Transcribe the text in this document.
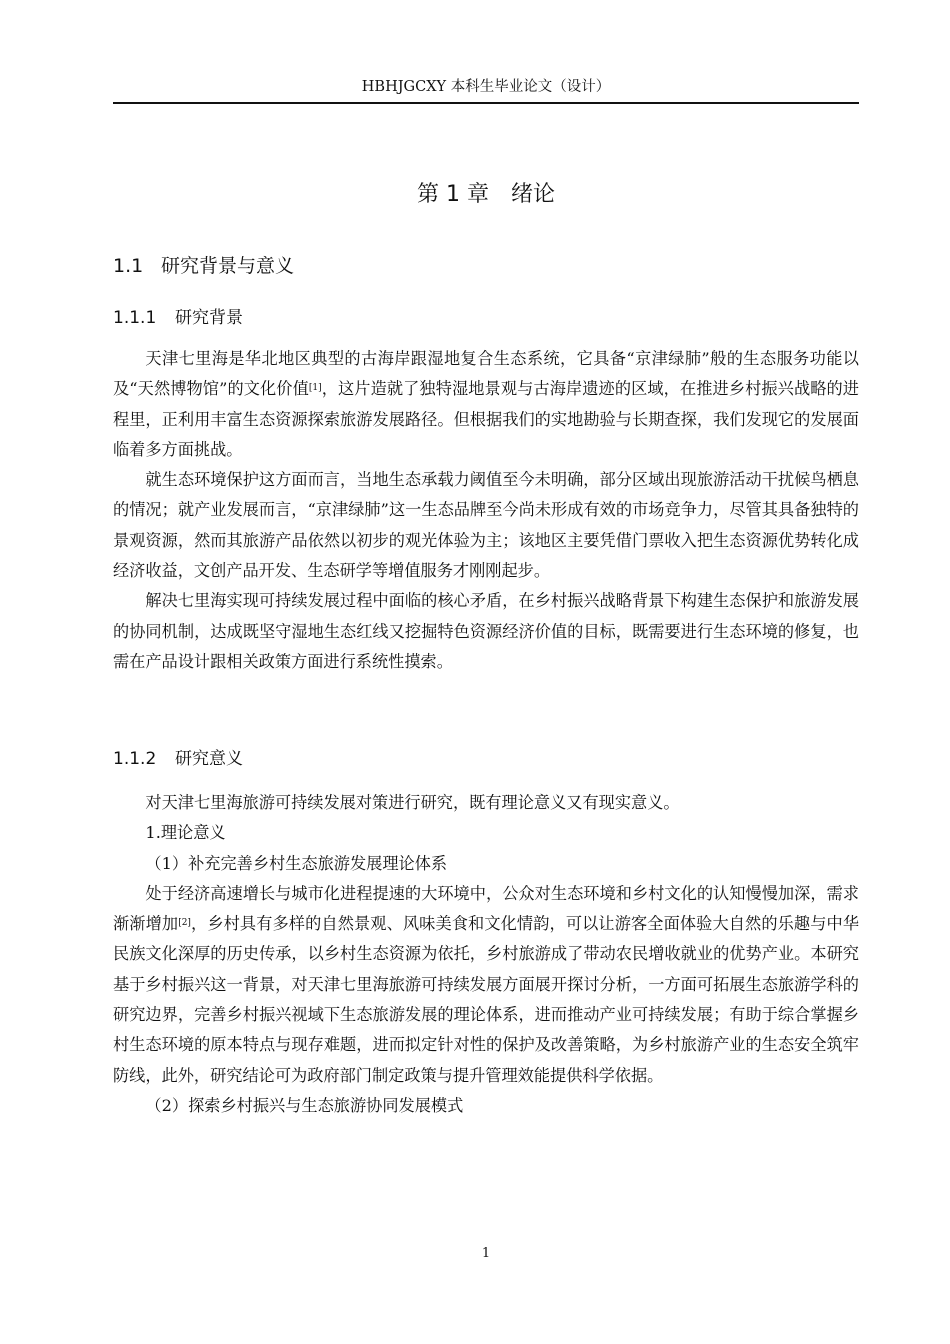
HBHJGCXY 本科生毕业论文（设计）
第 1 章 绪论
1.1 研究背景与意义
1.1.1 研究背景

天津七里海是华北地区典型的古海岸跟湿地复合生态系统，它具备“京津绿肺”般的生态服务功能以及“天然博物馆”的文化价值[1]，这片造就了独特湿地景观与古海岸遗迹的区域，在推进乡村振兴战略的进程里，正利用丰富生态资源探索旅游发展路径。但根据我们的实地勘验与长期查探，我们发现它的发展面临着多方面挑战。

就生态环境保护这方面而言，当地生态承载力阈值至今未明确，部分区域出现旅游活动干扰候鸟栖息的情况；就产业发展而言，“京津绿肺”这一生态品牌至今尚未形成有效的市场竞争力，尽管其具备独特的景观资源，然而其旅游产品依然以初步的观光体验为主；该地区主要凭借门票收入把生态资源优势转化成经济收益，文创产品开发、生态研学等增值服务才刚刚起步。

解决七里海实现可持续发展过程中面临的核心矛盾，在乡村振兴战略背景下构建生态保护和旅游发展的协同机制，达成既坚守湿地生态红线又挖掘特色资源经济价值的目标，既需要进行生态环境的修复，也需在产品设计跟相关政策方面进行系统性摸索。

1.1.2 研究意义

对天津七里海旅游可持续发展对策进行研究，既有理论意义又有现实意义。

1.理论意义

（1）补充完善乡村生态旅游发展理论体系

处于经济高速增长与城市化进程提速的大环境中，公众对生态环境和乡村文化的认知慢慢加深，需求渐渐增加[2]，乡村具有多样的自然景观、风味美食和文化情韵，可以让游客全面体验大自然的乐趣与中华民族文化深厚的历史传承，以乡村生态资源为依托，乡村旅游成了带动农民增收就业的优势产业。本研究基于乡村振兴这一背景，对天津七里海旅游可持续发展方面展开探讨分析，一方面可拓展生态旅游学科的研究边界，完善乡村振兴视域下生态旅游发展的理论体系，进而推动产业可持续发展；有助于综合掌握乡村生态环境的原本特点与现存难题，进而拟定针对性的保护及改善策略，为乡村旅游产业的生态安全筑牢防线，此外，研究结论可为政府部门制定政策与提升管理效能提供科学依据。

（2）探索乡村振兴与生态旅游协同发展模式

1
